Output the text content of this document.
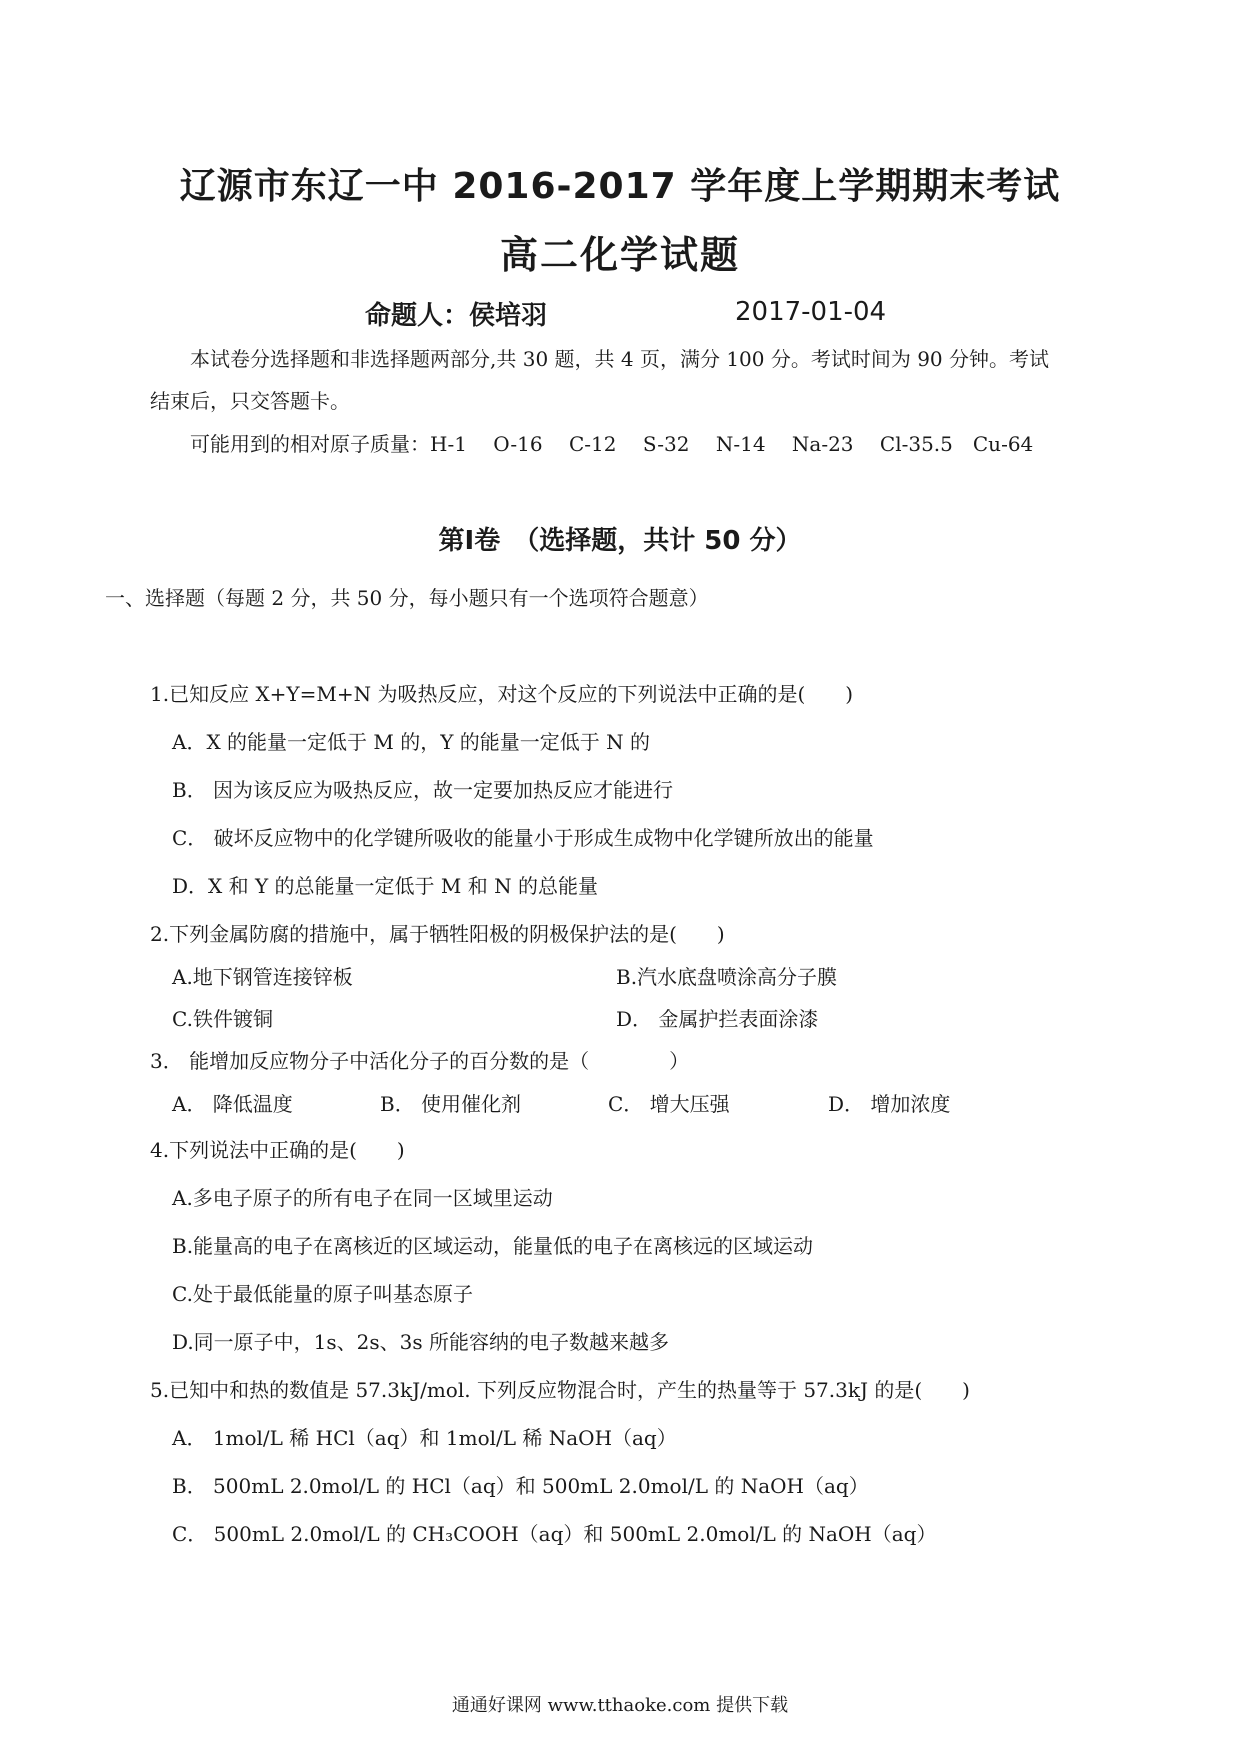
辽源市东辽一中 2016-2017 学年度上学期期末考试
高二化学试题
命题人：侯培羽	2017-01-04
本试卷分选择题和非选择题两部分,共 30 题，共 4 页，满分 100 分。考试时间为 90 分钟。考试
结束后，只交答题卡。
可能用到的相对原子质量：H-1　 O-16　 C-12　 S-32　 N-14　 Na-23　 Cl-35.5　Cu-64
第Ⅰ卷　（选择题，共计 50 分）
一、选择题（每题 2 分，共 50 分，每小题只有一个选项符合题意）
1.已知反应 X+Y=M+N 为吸热反应，对这个反应的下列说法中正确的是(　　)
A．X 的能量一定低于 M 的，Y 的能量一定低于 N 的
B． 因为该反应为吸热反应，故一定要加热反应才能进行
C． 破坏反应物中的化学键所吸收的能量小于形成生成物中化学键所放出的能量
D．X 和 Y 的总能量一定低于 M 和 N 的总能量
2.下列金属防腐的措施中，属于牺牲阳极的阴极保护法的是(　　)
A.地下钢管连接锌板	B.汽水底盘喷涂高分子膜
C.铁件镀铜	D． 金属护拦表面涂漆
3． 能增加反应物分子中活化分子的百分数的是（　　　　）
A． 降低温度	B． 使用催化剂	C． 增大压强	D． 增加浓度
4.下列说法中正确的是(　　)
A.多电子原子的所有电子在同一区域里运动
B.能量高的电子在离核近的区域运动，能量低的电子在离核远的区域运动
C.处于最低能量的原子叫基态原子
D.同一原子中，1s、2s、3s 所能容纳的电子数越来越多
5.已知中和热的数值是 57.3kJ/mol. 下列反应物混合时，产生的热量等于 57.3kJ 的是(　　)
A． 1mol/L 稀 HCl（aq）和 1mol/L 稀 NaOH（aq）
B． 500mL 2.0mol/L 的 HCl（aq）和 500mL 2.0mol/L 的 NaOH（aq）
C． 500mL 2.0mol/L 的 CH₃COOH（aq）和 500mL 2.0mol/L 的 NaOH（aq）
通通好课网 www.tthaoke.com 提供下载
